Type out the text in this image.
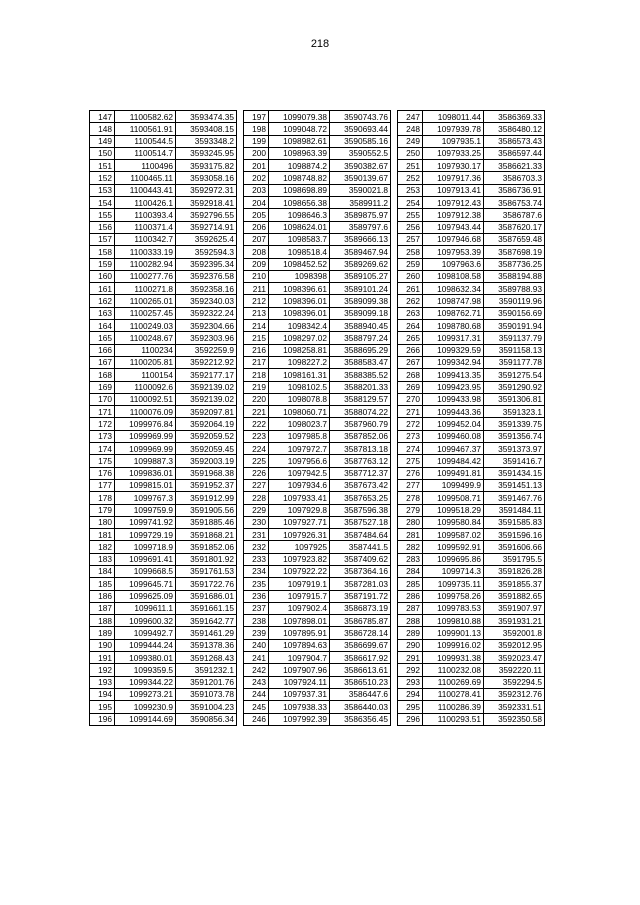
218
147	1100582.62	3593474.35
148	1100561.91	3593408.15
149	1100544.5	3593348.2
150	1100514.7	3593245.95
151	1100496	3593175.82
152	1100465.11	3593058.16
153	1100443.41	3592972.31
154	1100426.1	3592918.41
155	1100393.4	3592796.55
156	1100371.4	3592714.91
157	1100342.7	3592625.4
158	1100333.19	3592594.3
159	1100282.94	3592395.34
160	1100277.76	3592376.58
161	1100271.8	3592358.16
162	1100265.01	3592340.03
163	1100257.45	3592322.24
164	1100249.03	3592304.66
165	1100248.67	3592303.96
166	1100234	3592259.9
167	1100205.81	3592212.92
168	1100154	3592177.17
169	1100092.6	3592139.02
170	1100092.51	3592139.02
171	1100076.09	3592097.81
172	1099976.84	3592064.19
173	1099969.99	3592059.52
174	1099969.99	3592059.45
175	1099887.3	3592003.19
176	1099836.01	3591968.38
177	1099815.01	3591952.37
178	1099767.3	3591912.99
179	1099759.9	3591905.56
180	1099741.92	3591885.46
181	1099729.19	3591868.21
182	1099718.9	3591852.06
183	1099691.41	3591801.92
184	1099668.5	3591761.53
185	1099645.71	3591722.76
186	1099625.09	3591686.01
187	1099611.1	3591661.15
188	1099600.32	3591642.77
189	1099492.7	3591461.29
190	1099444.24	3591378.36
191	1099380.01	3591268.43
192	1099359.5	3591232.1
193	1099344.22	3591201.76
194	1099273.21	3591073.78
195	1099230.9	3591004.23
196	1099144.69	3590856.34
197	1099079.38	3590743.76
198	1099048.72	3590693.44
199	1098982.61	3590585.16
200	1098963.39	3590552.5
201	1098874.2	3590382.67
202	1098748.82	3590139.67
203	1098698.89	3590021.8
204	1098656.38	3589911.2
205	1098646.3	3589875.97
206	1098624.01	3589797.6
207	1098583.7	3589666.13
208	1098518.4	3589467.94
209	1098452.52	3589269.62
210	1098398	3589105.27
211	1098396.61	3589101.24
212	1098396.01	3589099.38
213	1098396.01	3589099.18
214	1098342.4	3588940.45
215	1098297.02	3588797.24
216	1098258.81	3588695.29
217	1098227.2	3588583.47
218	1098161.31	3588385.52
219	1098102.5	3588201.33
220	1098078.8	3588129.57
221	1098060.71	3588074.22
222	1098023.7	3587960.79
223	1097985.8	3587852.06
224	1097972.7	3587813.18
225	1097956.6	3587763.12
226	1097942.5	3587712.37
227	1097934.6	3587673.42
228	1097933.41	3587653.25
229	1097929.8	3587596.38
230	1097927.71	3587527.18
231	1097926.31	3587484.64
232	1097925	3587441.5
233	1097923.82	3587409.62
234	1097922.22	3587364.16
235	1097919.1	3587281.03
236	1097915.7	3587191.72
237	1097902.4	3586873.19
238	1097898.01	3586785.87
239	1097895.91	3586728.14
240	1097894.63	3586699.67
241	1097904.7	3586617.92
242	1097907.96	3586613.61
243	1097924.11	3586510.23
244	1097937.31	3586447.6
245	1097938.33	3586440.03
246	1097992.39	3586356.45
247	1098011.44	3586369.33
248	1097939.78	3586480.12
249	1097935.1	3586573.43
250	1097933.25	3586597.44
251	1097930.17	3586621.33
252	1097917.36	3586703.3
253	1097913.41	3586736.91
254	1097912.43	3586753.74
255	1097912.38	3586787.6
256	1097943.44	3587620.17
257	1097946.68	3587659.48
258	1097953.39	3587698.19
259	1097963.6	3587736.25
260	1098108.58	3588194.88
261	1098632.34	3589788.93
262	1098747.98	3590119.96
263	1098762.71	3590156.69
264	1098780.68	3590191.94
265	1099317.31	3591137.79
266	1099329.59	3591158.13
267	1099342.94	3591177.78
268	1099413.35	3591275.54
269	1099423.95	3591290.92
270	1099433.98	3591306.81
271	1099443.36	3591323.1
272	1099452.04	3591339.75
273	1099460.08	3591356.74
274	1099467.37	3591373.97
275	1099484.42	3591416.7
276	1099491.81	3591434.15
277	1099499.9	3591451.13
278	1099508.71	3591467.76
279	1099518.29	3591484.11
280	1099580.84	3591585.83
281	1099587.02	3591596.16
282	1099592.91	3591606.66
283	1099695.86	3591795.5
284	1099714.3	3591826.28
285	1099735.11	3591855.37
286	1099758.26	3591882.65
287	1099783.53	3591907.97
288	1099810.88	3591931.21
289	1099901.13	3592001.8
290	1099916.02	3592012.95
291	1099931.38	3592023.47
292	1100232.08	3592220.11
293	1100269.69	3592294.5
294	1100278.41	3592312.76
295	1100286.39	3592331.51
296	1100293.51	3592350.58
